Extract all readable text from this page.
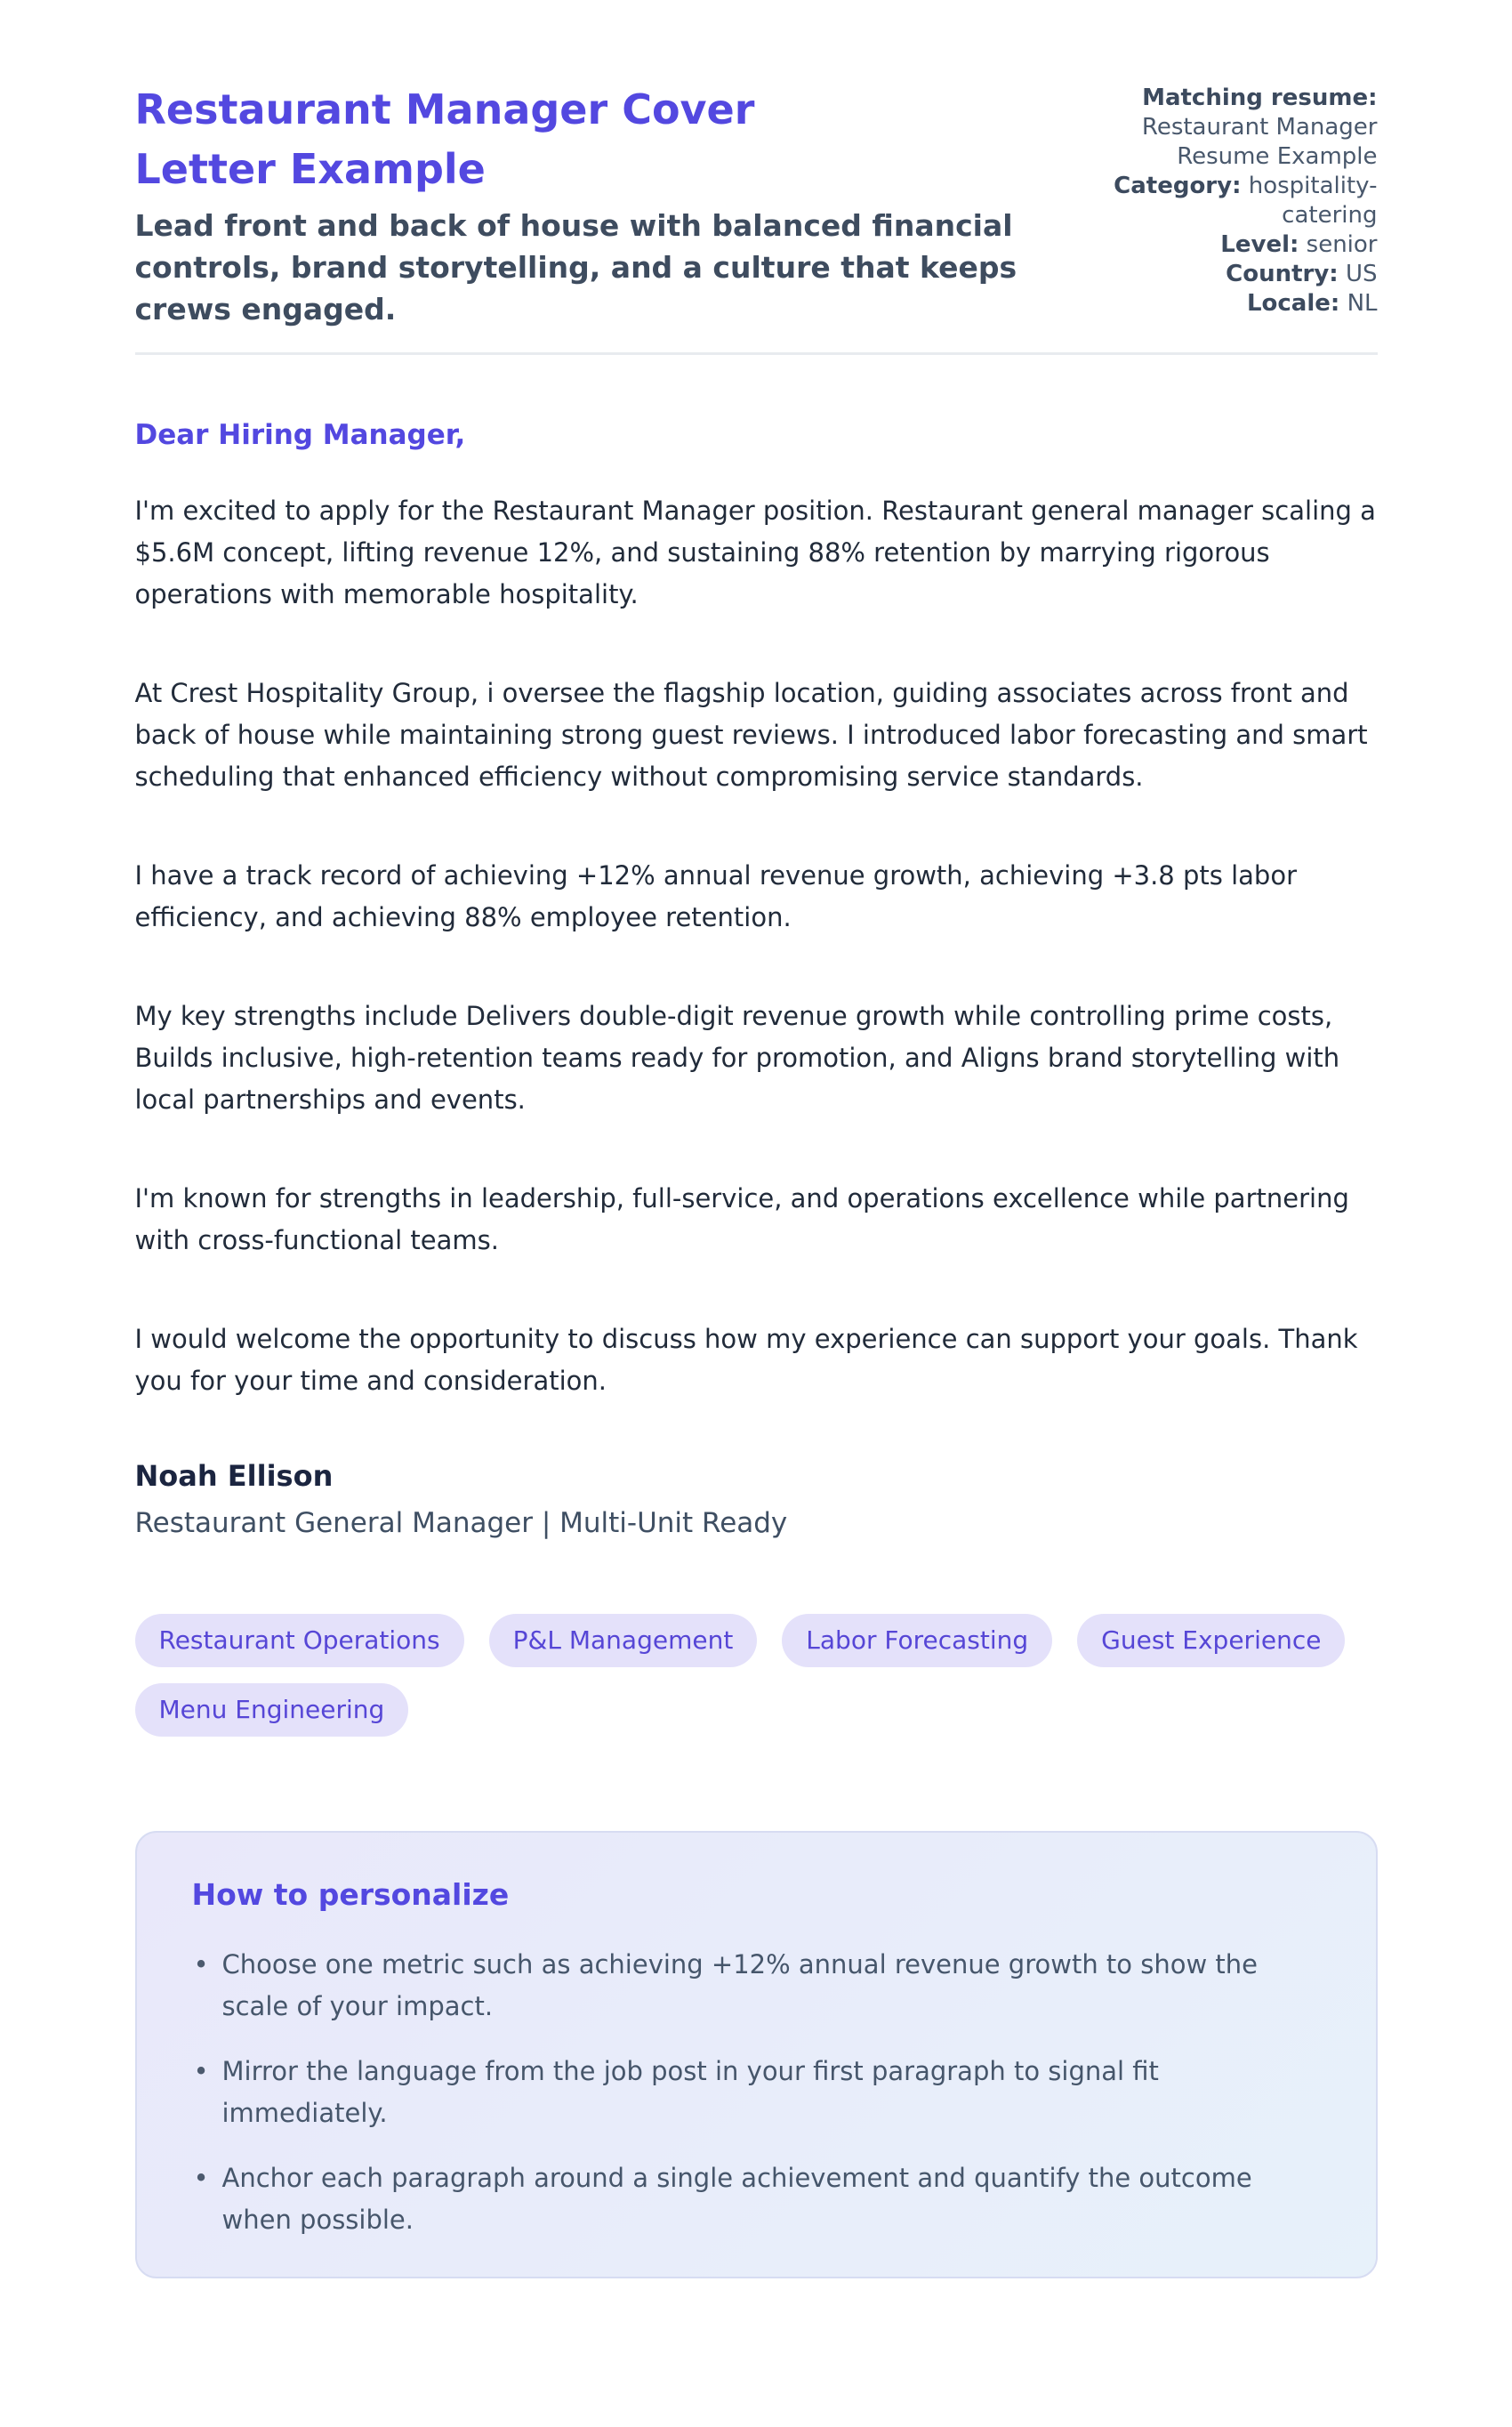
Restaurant Manager Cover
Letter Example

Lead front and back of house with balanced financial controls, brand storytelling, and a culture that keeps crews engaged.

Matching resume: Restaurant Manager Resume Example
Category: hospitality-catering
Level: senior
Country: US
Locale: NL

Dear Hiring Manager,

I'm excited to apply for the Restaurant Manager position. Restaurant general manager scaling a $5.6M concept, lifting revenue 12%, and sustaining 88% retention by marrying rigorous operations with memorable hospitality.

At Crest Hospitality Group, i oversee the flagship location, guiding associates across front and back of house while maintaining strong guest reviews. I introduced labor forecasting and smart scheduling that enhanced efficiency without compromising service standards.

I have a track record of achieving +12% annual revenue growth, achieving +3.8 pts labor efficiency, and achieving 88% employee retention.

My key strengths include Delivers double-digit revenue growth while controlling prime costs, Builds inclusive, high-retention teams ready for promotion, and Aligns brand storytelling with local partnerships and events.

I'm known for strengths in leadership, full-service, and operations excellence while partnering with cross-functional teams.

I would welcome the opportunity to discuss how my experience can support your goals. Thank you for your time and consideration.

Noah Ellison

Restaurant General Manager | Multi-Unit Ready

Restaurant Operations	P&L Management	Labor Forecasting	Guest Experience
Menu Engineering
How to personalize
• Choose one metric such as achieving +12% annual revenue growth to show the scale of your impact.
• Mirror the language from the job post in your first paragraph to signal fit immediately.
• Anchor each paragraph around a single achievement and quantify the outcome when possible.
